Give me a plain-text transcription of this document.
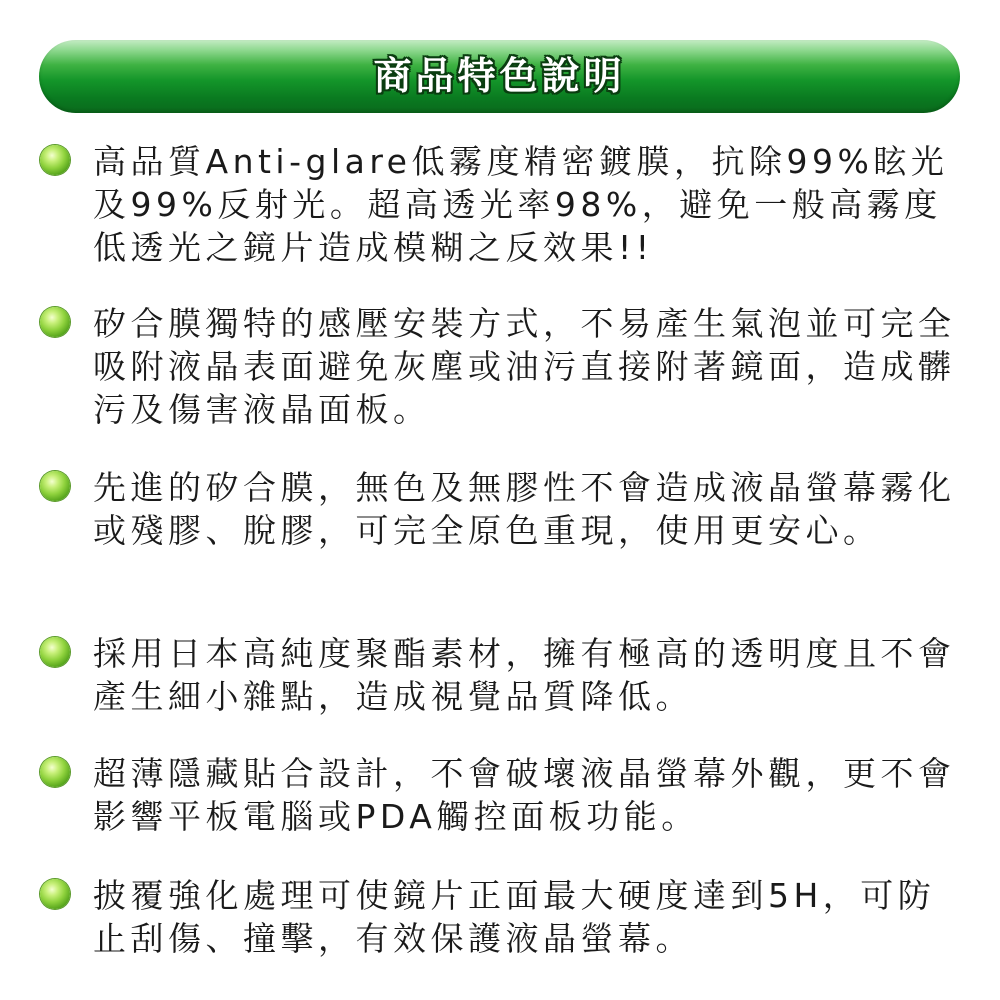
商品特色說明

高品質Anti-glare低霧度精密鍍膜，抗除99%眩光及99%反射光。超高透光率98%，避免一般高霧度低透光之鏡片造成模糊之反效果!!

矽合膜獨特的感壓安裝方式，不易產生氣泡並可完全吸附液晶表面避免灰塵或油污直接附著鏡面，造成髒污及傷害液晶面板。

先進的矽合膜，無色及無膠性不會造成液晶螢幕霧化或殘膠、脫膠，可完全原色重現，使用更安心。

採用日本高純度聚酯素材，擁有極高的透明度且不會產生細小雜點，造成視覺品質降低。

超薄隱藏貼合設計，不會破壞液晶螢幕外觀，更不會影響平板電腦或PDA觸控面板功能。

披覆強化處理可使鏡片正面最大硬度達到5H，可防止刮傷、撞擊，有效保護液晶螢幕。
